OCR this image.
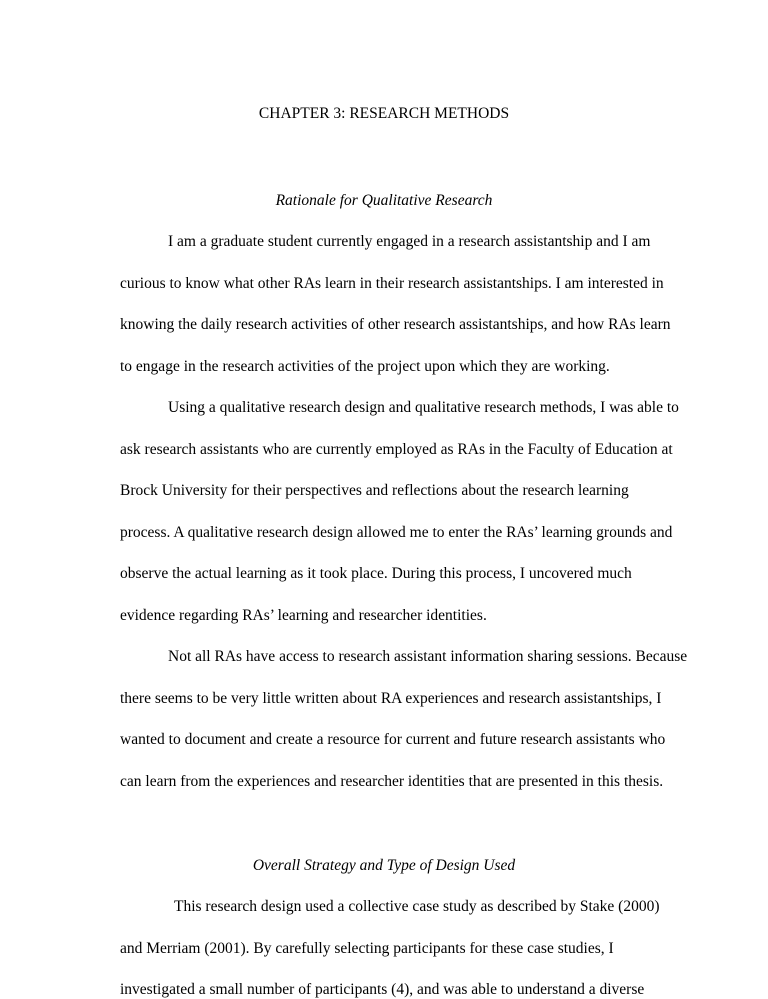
CHAPTER 3: RESEARCH METHODS
Rationale for Qualitative Research
I am a graduate student currently engaged in a research assistantship and I am
curious to know what other RAs learn in their research assistantships. I am interested in
knowing the daily research activities of other research assistantships, and how RAs learn
to engage in the research activities of the project upon which they are working.
Using a qualitative research design and qualitative research methods, I was able to
ask research assistants who are currently employed as RAs in the Faculty of Education at
Brock University for their perspectives and reflections about the research learning
process. A qualitative research design allowed me to enter the RAs’ learning grounds and
observe the actual learning as it took place. During this process, I uncovered much
evidence regarding RAs’ learning and researcher identities.
Not all RAs have access to research assistant information sharing sessions. Because
there seems to be very little written about RA experiences and research assistantships, I
wanted to document and create a resource for current and future research assistants who
can learn from the experiences and researcher identities that are presented in this thesis.
Overall Strategy and Type of Design Used
This research design used a collective case study as described by Stake (2000)
and Merriam (2001). By carefully selecting participants for these case studies, I
investigated a small number of participants (4), and was able to understand a diverse
